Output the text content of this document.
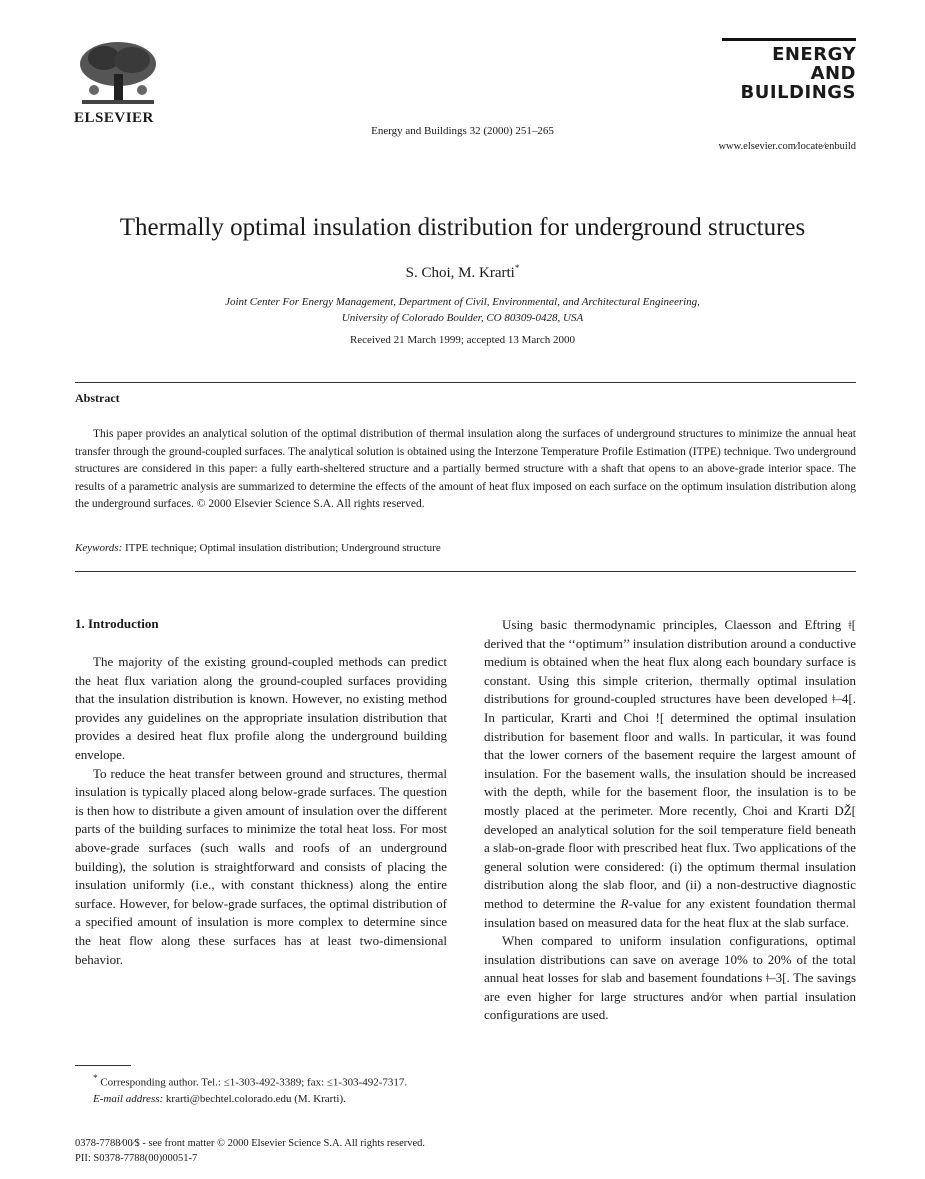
ELSEVIER
Energy and Buildings 32 (2000) 251–265
ENERGY
AND
BUILDINGS
www.elsevier.com∕locate∕enbuild
Thermally optimal insulation distribution for underground structures
S. Choi, M. Krarti*
Joint Center For Energy Management, Department of Civil, Environmental, and Architectural Engineering,
University of Colorado Boulder, CO 80309-0428, USA
Received 21 March 1999; accepted 13 March 2000
Abstract
This paper provides an analytical solution of the optimal distribution of thermal insulation along the surfaces of underground structures to minimize the annual heat transfer through the ground-coupled surfaces. The analytical solution is obtained using the Interzone Temperature Profile Estimation (ITPE) technique. Two underground structures are considered in this paper: a fully earth-sheltered structure and a partially bermed structure with a shaft that opens to an above-grade interior space. The results of a parametric analysis are summarized to determine the effects of the amount of heat flux imposed on each surface on the optimum insulation distribution along the underground surfaces. © 2000 Elsevier Science S.A. All rights reserved.
Keywords: ITPE technique; Optimal insulation distribution; Underground structure
1. Introduction

The majority of the existing ground-coupled methods can predict the heat flux variation along the ground-coupled surfaces providing that the insulation distribution is known. However, no existing method provides any guidelines on the appropriate insulation distribution that provides a desired heat flux profile along the underground building envelope.

To reduce the heat transfer between ground and structures, thermal insulation is typically placed along below-grade surfaces. The question is then how to distribute a given amount of insulation over the different parts of the building surfaces to minimize the total heat loss. For most above-grade surfaces (such walls and roofs of an underground building), the solution is straightforward and consists of placing the insulation uniformly (i.e., with constant thickness) along the entire surface. However, for below-grade surfaces, the optimal distribution of a specified amount of insulation is more complex to determine since the heat flow along these surfaces has at least two-dimensional behavior.

Using basic thermodynamic principles, Claesson and Eftring ǂ[ derived that the ‘‘optimum’’ insulation distribution around a conductive medium is obtained when the heat flux along each boundary surface is constant. Using this simple criterion, thermally optimal insulation distributions for ground-coupled structures have been developed ǂ–4[. In particular, Krarti and Choi ǃ[ determined the optimal insulation distribution for basement floor and walls. In particular, it was found that the lower corners of the basement require the largest amount of insulation. For the basement walls, the insulation should be increased with the depth, while for the basement floor, the insulation is to be mostly placed at the perimeter. More recently, Choi and Krarti Ǆ[ developed an analytical solution for the soil temperature field beneath a slab-on-grade floor with prescribed heat flux. Two applications of the general solution were considered: (i) the optimum thermal insulation distribution along the slab floor, and (ii) a non-destructive diagnostic method to determine the R-value for any existent foundation thermal insulation based on measured data for the heat flux at the slab surface.

When compared to uniform insulation configurations, optimal insulation distributions can save on average 10% to 20% of the total annual heat losses for slab and basement foundations ǂ–3[. The savings are even higher for large structures and∕or when partial insulation configurations are used.

* Corresponding author. Tel.: ≤1-303-492-3389; fax: ≤1-303-492-7317.
E-mail address: krarti@bechtel.colorado.edu (M. Krarti).
0378-7788∕00∕$ - see front matter © 2000 Elsevier Science S.A. All rights reserved.
PII: S0378-7788(00)00051-7
